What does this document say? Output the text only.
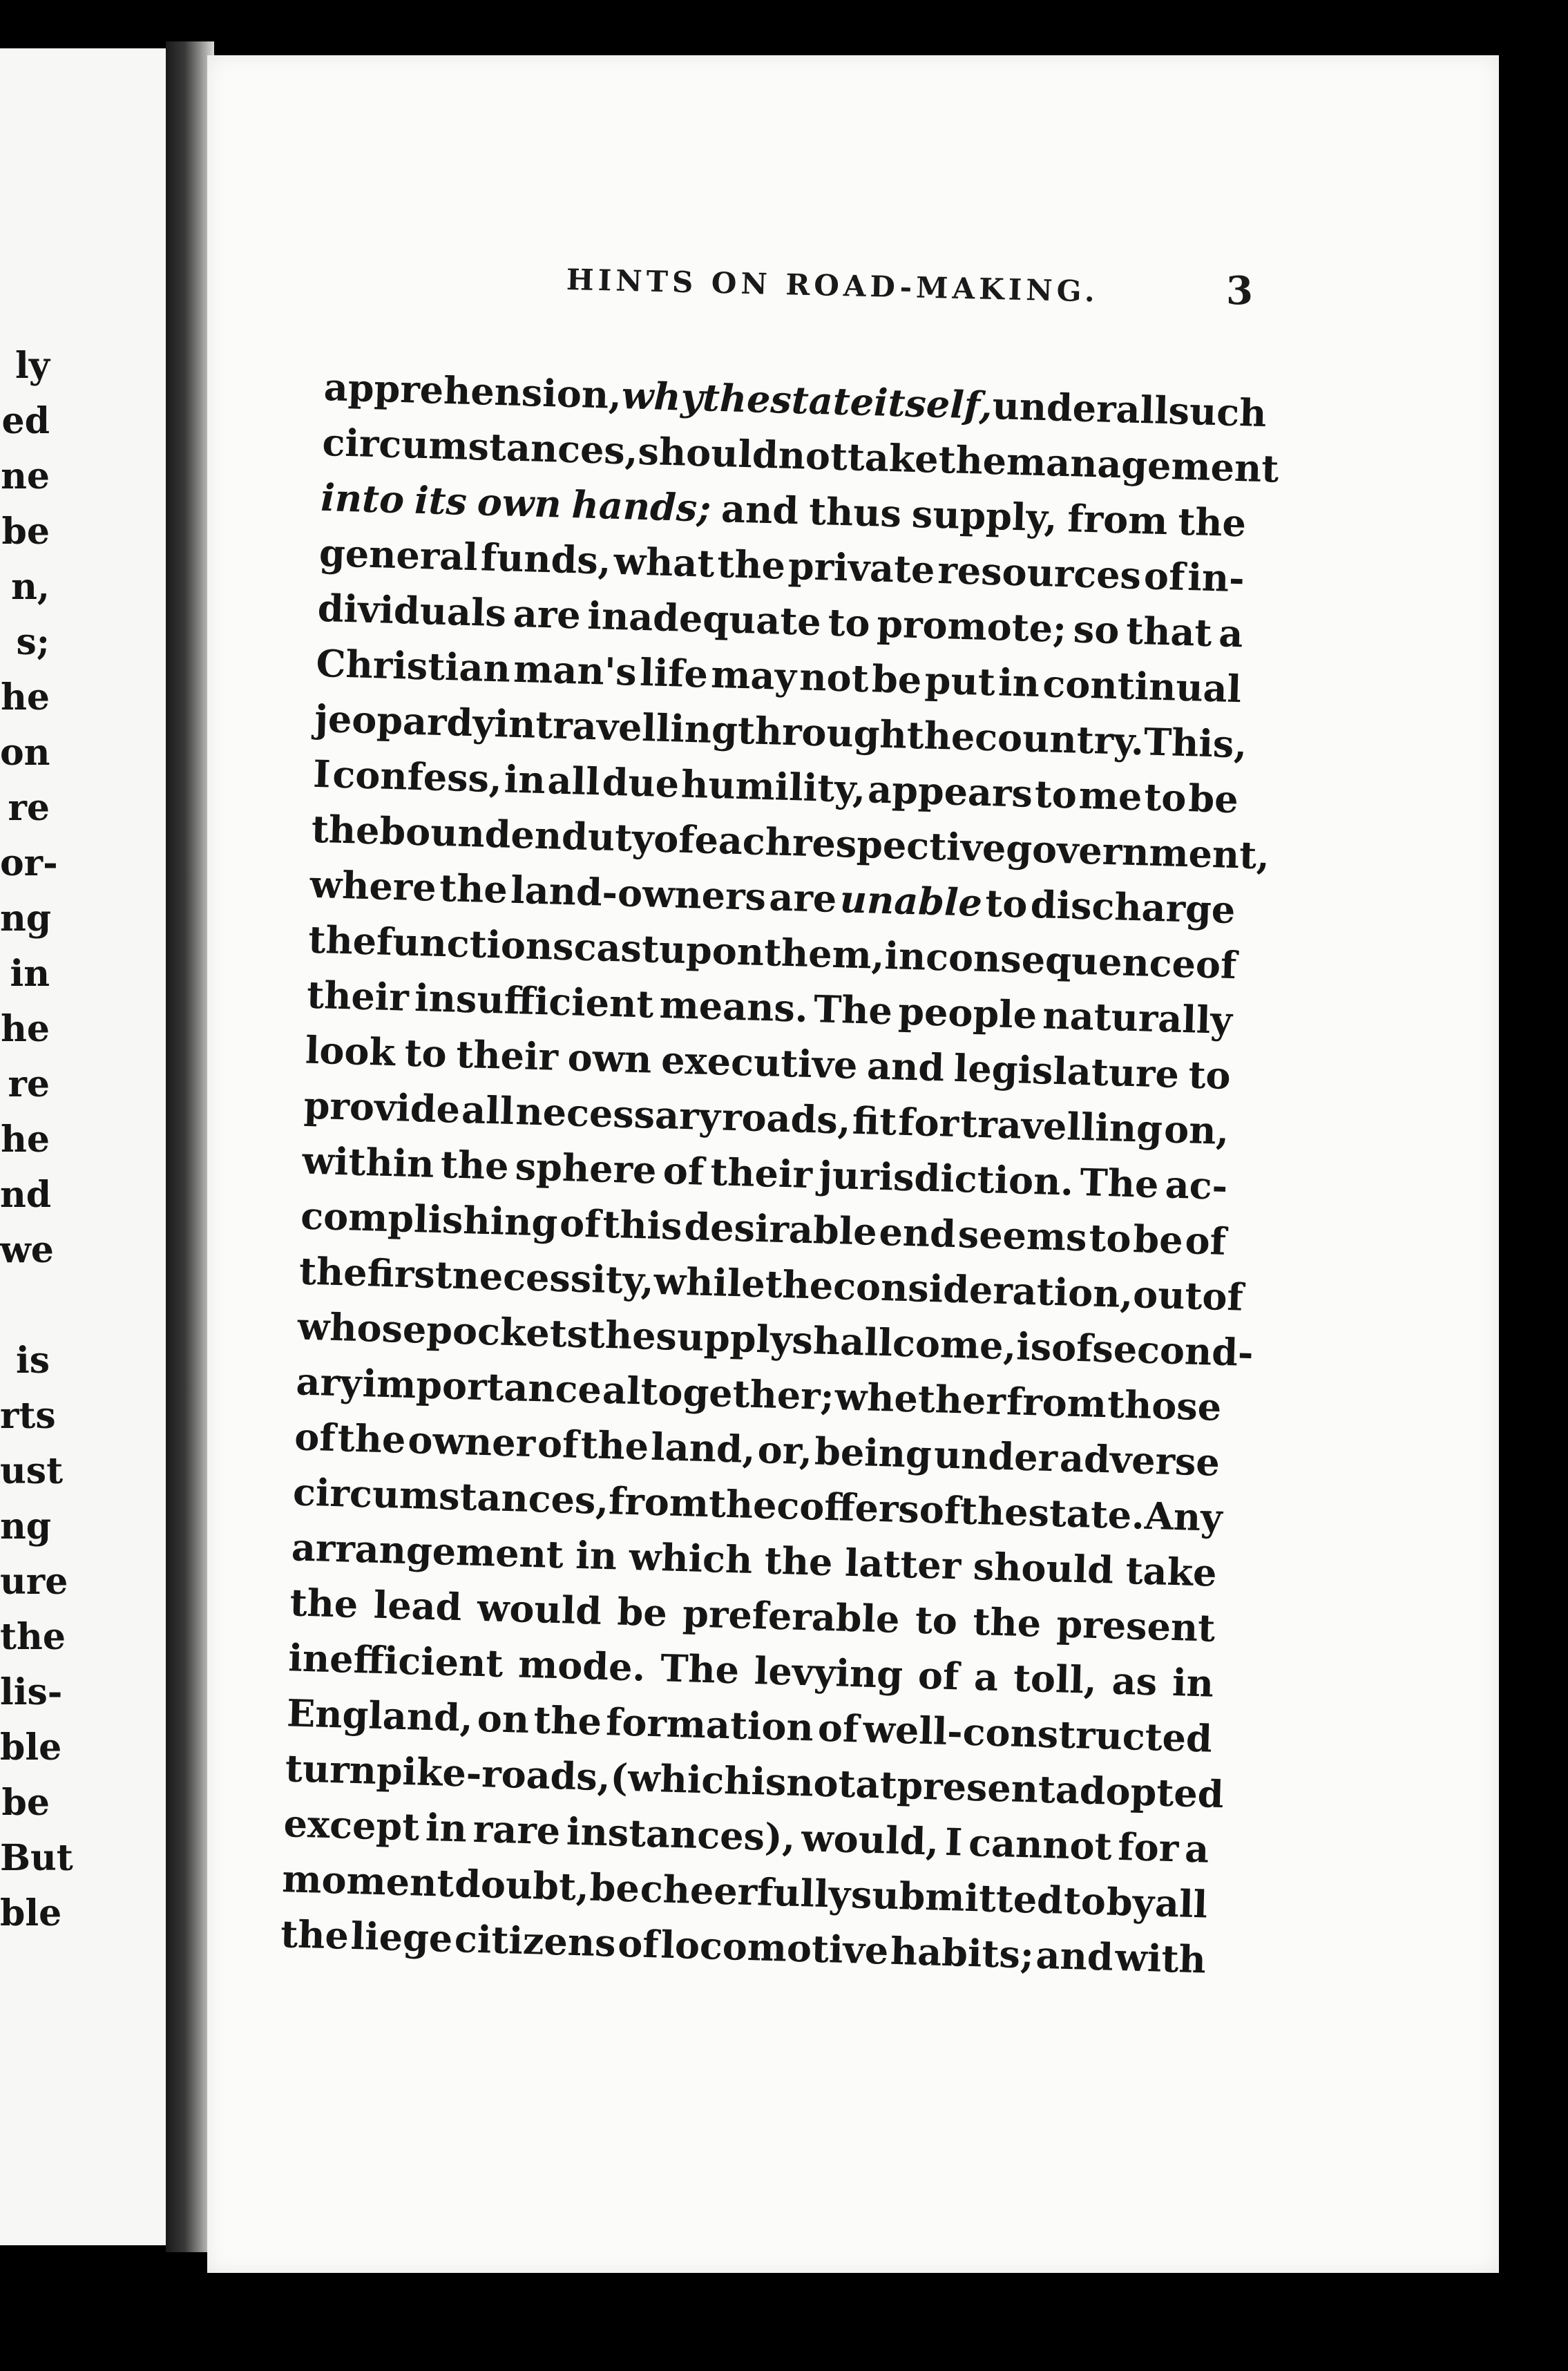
ly
ed
ne
be
n,
s;
he
on
re
or-
ng
in
he
re
he
nd
we
is
rts
ust
ng
ure
the
lis-
ble
be
But
ble
HINTS ON ROAD-MAKING.	3
apprehension,
why
the
state
itself,
under
all
such
circumstances,
should
not
take
the
management
into its own hands; and thus supply, from the
general funds, what the private resources of in-
dividuals are inadequate to promote; so that a
Christian man's life may not be put in continual
jeopardy
in
travelling
through
the
country.
This,
I confess, in all due humility, appears to me to be
the
bounden
duty
of
each
respective
government,
where the land-owners are unable to discharge
the
functions
cast
upon
them,
in
consequence
of
their insufficient means. The people naturally
look to their own executive and legislature to
provide all necessary roads, fit for travelling on,
within the sphere of their jurisdiction. The ac-
complishing of this desirable end seems to be of
the
first
necessity,
while
the
consideration,
out
of
whose
pockets
the
supply
shall
come,
is
of
second-
ary importance altogether; whether from those
of the owner of the land, or, being under adverse
circumstances,
from
the
coffers
of
the
state.
Any
arrangement in which the latter should take
the lead would be preferable to the present
inefficient mode. The levying of a toll, as in
England, on the formation of well-constructed
turnpike-roads,
(which
is
not
at
present
adopted
except in rare instances), would, I cannot for a
moment doubt, be cheerfully submitted to by all
the liege citizens of locomotive habits; and with
